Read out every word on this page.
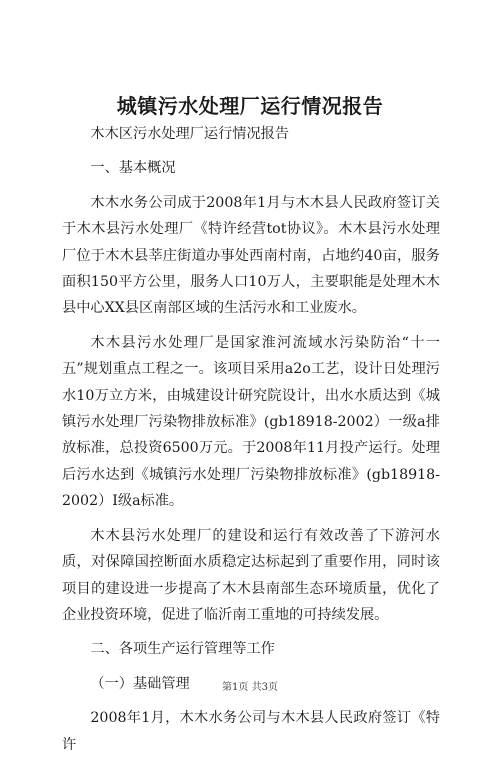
城镇污水处理厂运行情况报告

木木区污水处理厂运行情况报告

一、基本概况

木木水务公司成于2008年1月与木木县人民政府签订关于木木县污水处理厂《特许经营tot协议》。木木县污水处理厂位于木木县莘庄街道办事处西南村南，占地约40亩，服务面积150平方公里，服务人口10万人，主要职能是处理木木县中心XX县区南部区域的生活污水和工业废水。

木木县污水处理厂是国家淮河流域水污染防治“十一五”规划重点工程之一。该项目采用a2o工艺，设计日处理污水10万立方米，由城建设计研究院设计，出水水质达到《城镇污水处理厂污染物排放标准》(gb18918-2002）一级a排放标准，总投资6500万元。于2008年11月投产运行。处理后污水达到《城镇污水处理厂污染物排放标准》(gb18918-2002）Ⅰ级a标准。

木木县污水处理厂的建设和运行有效改善了下游河水质，对保障国控断面水质稳定达标起到了重要作用，同时该项目的建设进一步提高了木木县南部生态环境质量，优化了企业投资环境，促进了临沂南工重地的可持续发展。

二、各项生产运行管理等工作

（一）基础管理

2008年1月，木木水务公司与木木县人民政府签订《特许

第1页 共3页
